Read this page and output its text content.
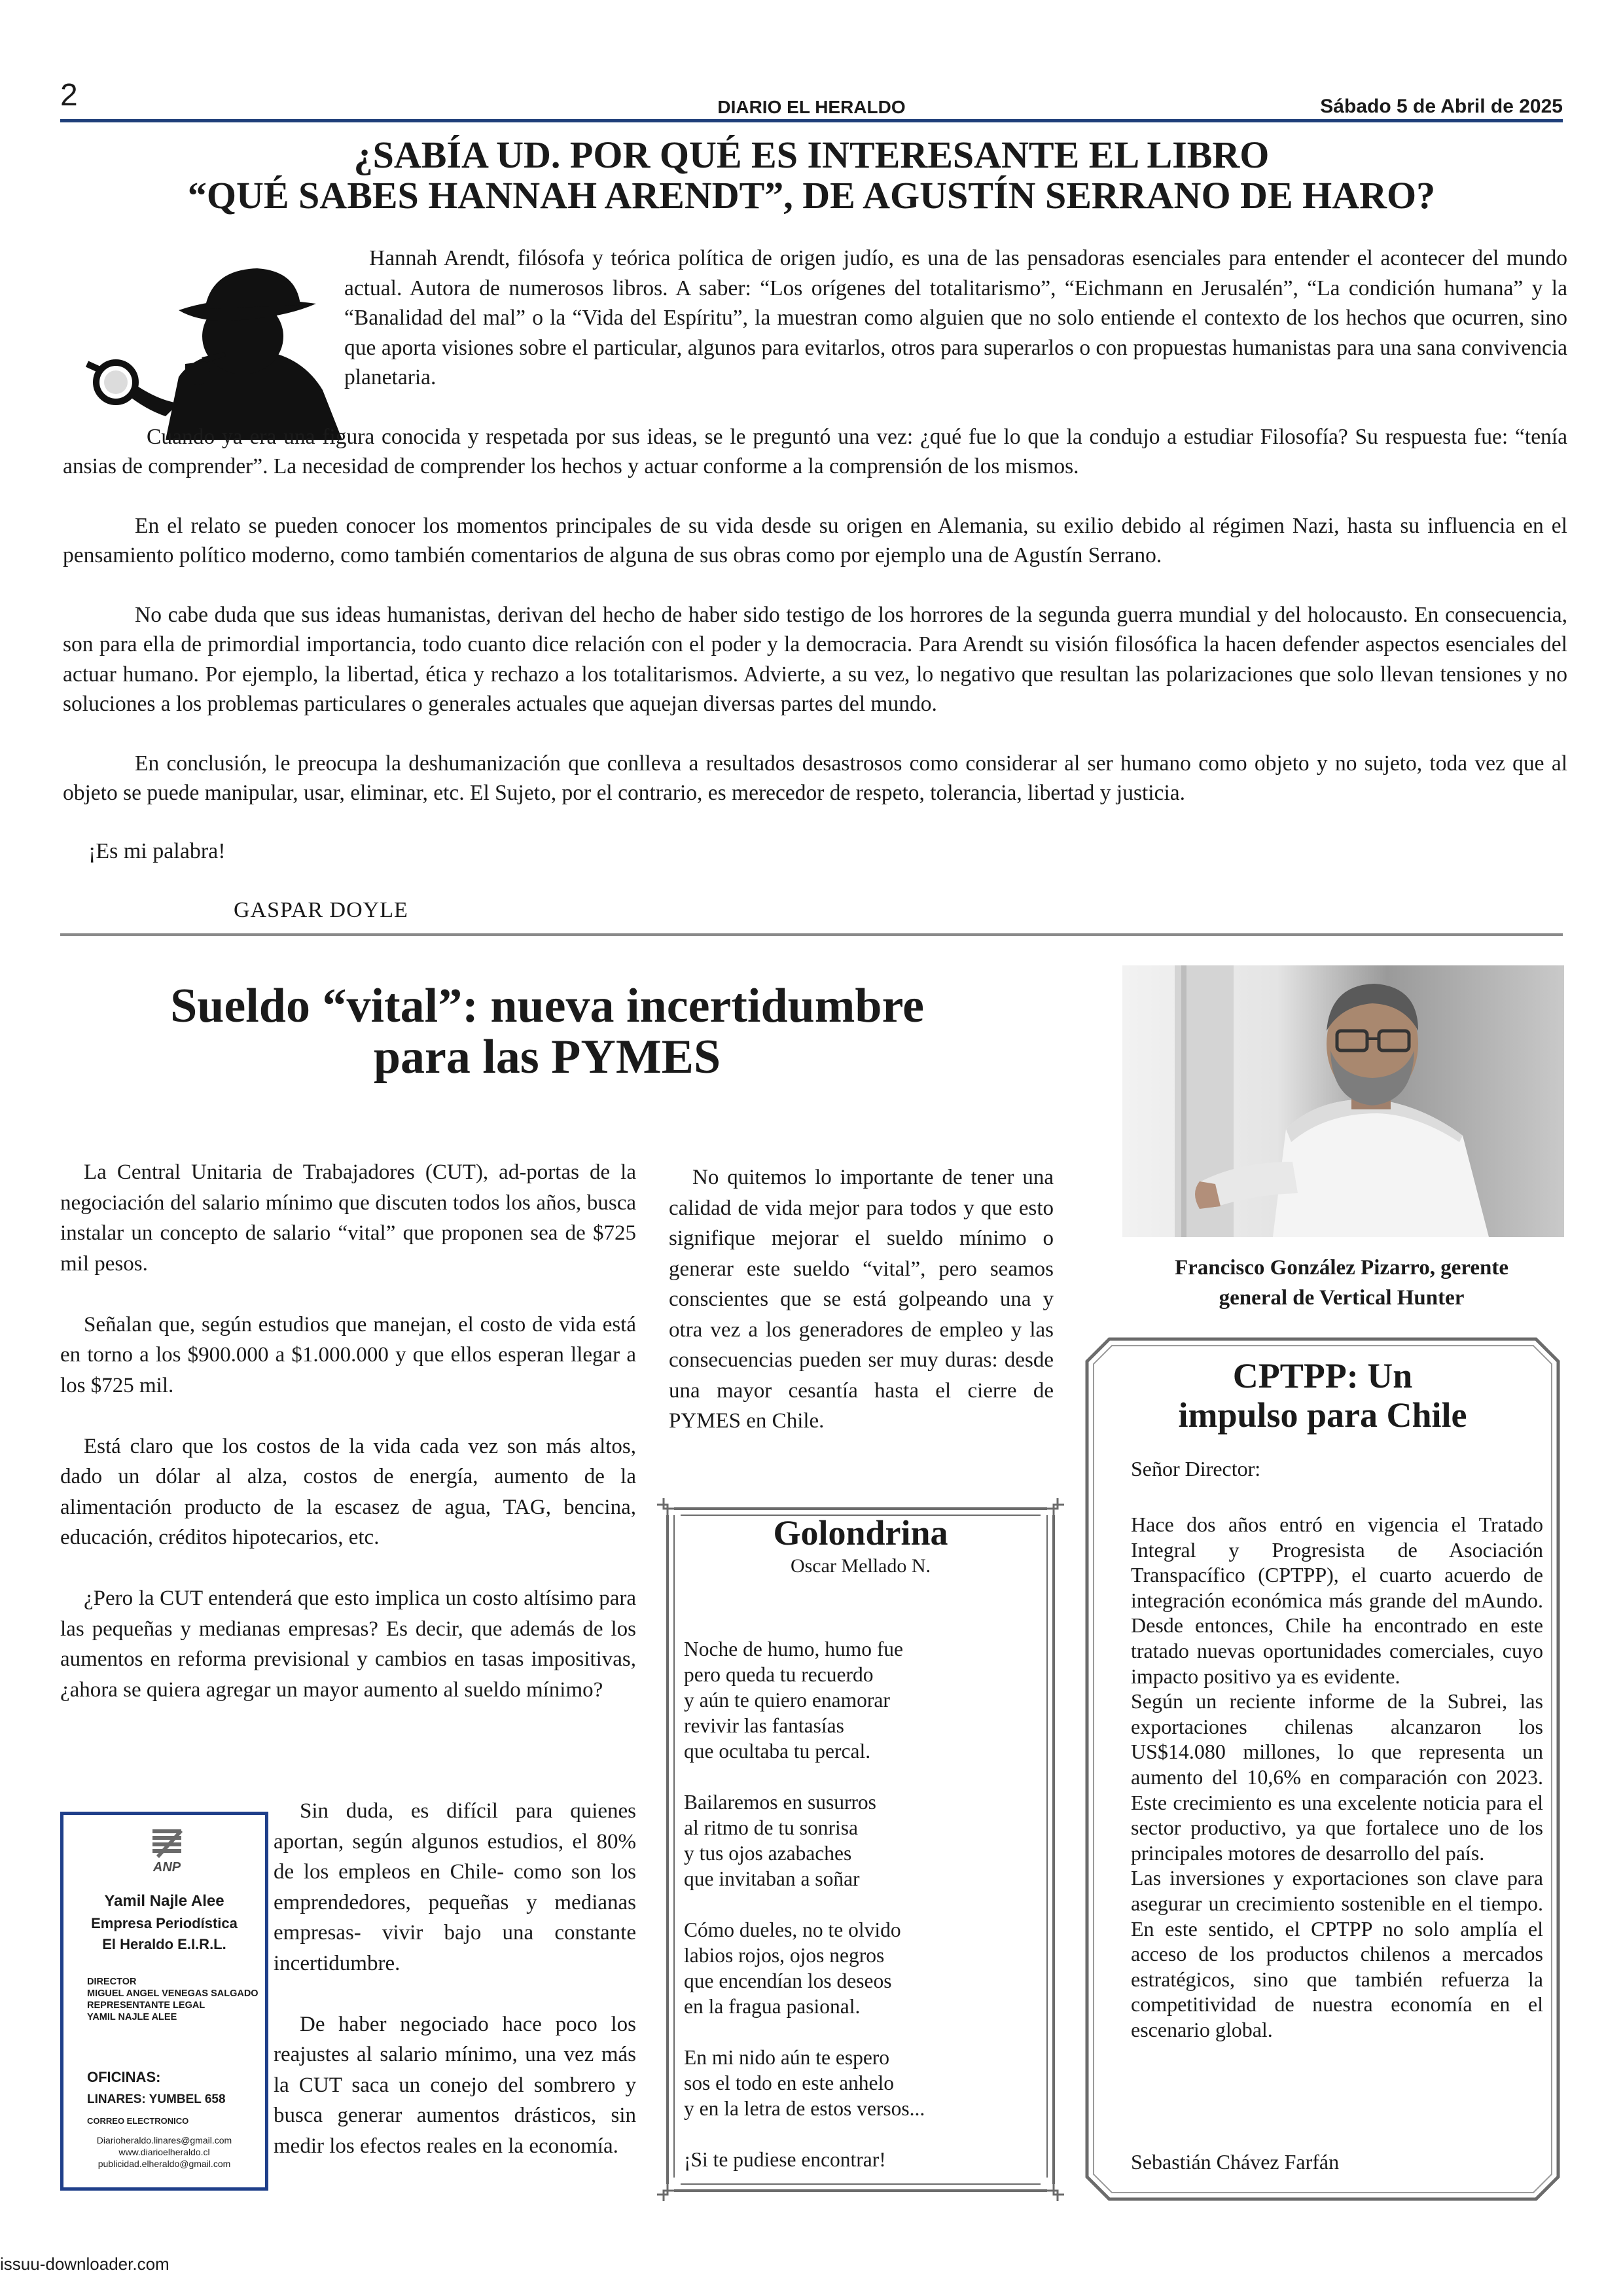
2	DIARIO EL HERALDO	Sábado 5 de Abril de 2025
¿SABÍA UD. POR QUÉ ES INTERESANTE EL LIBRO
“QUÉ SABES HANNAH ARENDT”, DE AGUSTÍN SERRANO DE HARO?

Hannah Arendt, filósofa y teórica política de origen judío, es una de las pensadoras esenciales para entender el acontecer del mundo actual. Autora de numerosos libros. A saber: “Los orígenes del totalitarismo”, “Eichmann en Jerusalén”, “La condición humana” y la “Banalidad del mal” o la “Vida del Espíritu”, la muestran como alguien que no solo entiende el contexto de los hechos que ocurren, sino que aporta visiones sobre el particular, algunos para evitarlos, otros para superarlos o con propuestas humanistas para una sana convivencia planetaria.

Cuando ya era una figura conocida y respetada por sus ideas, se le preguntó una vez: ¿qué fue lo que la condujo a estudiar Filosofía? Su respuesta fue: “tenía ansias de comprender”. La necesidad de comprender los hechos y actuar conforme a la comprensión de los mismos.

En el relato se pueden conocer los momentos principales de su vida desde su origen en Alemania, su exilio debido al régimen Nazi, hasta su influencia en el pensamiento político moderno, como también comentarios de alguna de sus obras como por ejemplo una de Agustín Serrano.

No cabe duda que sus ideas humanistas, derivan del hecho de haber sido testigo de los horrores de la segunda guerra mundial y del holocausto. En consecuencia, son para ella de primordial importancia, todo cuanto dice relación con el poder y la democracia. Para Arendt su visión filosófica la hacen defender aspectos esenciales del actuar humano. Por ejemplo, la libertad, ética y rechazo a los totalitarismos. Advierte, a su vez, lo negativo que resultan las polarizaciones que solo llevan tensiones y no soluciones a los problemas particulares o generales actuales que aquejan diversas partes del mundo.

En conclusión, le preocupa la deshumanización que conlleva a resultados desastrosos como considerar al ser humano como objeto y no sujeto, toda vez que al objeto se puede manipular, usar, eliminar, etc. El Sujeto, por el contrario, es merecedor de respeto, tolerancia, libertad y justicia.

¡Es mi palabra!
GASPAR DOYLE
Sueldo “vital”: nueva incertidumbre
para las PYMES

La Central Unitaria de Trabajadores (CUT), ad-portas de la negociación del salario mínimo que discuten todos los años, busca instalar un concepto de salario “vital” que proponen sea de $725 mil pesos.

Señalan que, según estudios que manejan, el costo de vida está en torno a los $900.000 a $1.000.000 y que ellos esperan llegar a los $725 mil.

Está claro que los costos de la vida cada vez son más altos, dado un dólar al alza, costos de energía, aumento de la alimentación producto de la escasez de agua, TAG, bencina, educación, créditos hipotecarios, etc.

¿Pero la CUT entenderá que esto implica un costo altísimo para las pequeñas y medianas empresas? Es decir, que además de los aumentos en reforma previsional y cambios en tasas impositivas, ¿ahora se quiera agregar un mayor aumento al sueldo mínimo?

Sin duda, es difícil para quienes aportan, según algunos estudios, el 80% de los empleos en Chile- como son los emprendedores, pequeñas y medianas empresas- vivir bajo una constante incertidumbre.

De haber negociado hace poco los reajustes al salario mínimo, una vez más la CUT saca un conejo del sombrero y busca generar aumentos drásticos, sin medir los efectos reales en la economía.

No quitemos lo importante de tener una calidad de vida mejor para todos y que esto signifique mejorar el sueldo mínimo o generar este sueldo “vital”, pero seamos conscientes que se está golpeando una y otra vez a los generadores de empleo y las consecuencias pueden ser muy duras: desde una mayor cesantía hasta el cierre de PYMES en Chile.

ANP
Yamil Najle Alee
Empresa Periodística
El Heraldo E.I.R.L.
DIRECTOR
MIGUEL ANGEL VENEGAS SALGADO
REPRESENTANTE LEGAL
YAMIL NAJLE ALEE
OFICINAS:
LINARES: YUMBEL 658
CORREO ELECTRONICO
Diarioheraldo.linares@gmail.com
www.diarioelheraldo.cl
publicidad.elheraldo@gmail.com
Francisco González Pizarro, gerente
general de Vertical Hunter
Golondrina
Oscar Mellado N.
Noche de humo, humo fue
pero queda tu recuerdo
y aún te quiero enamorar
revivir las fantasías
que ocultaba tu percal.
Bailaremos en susurros
al ritmo de tu sonrisa
y tus ojos azabaches
que invitaban a soñar
Cómo dueles, no te olvido
labios rojos, ojos negros
que encendían los deseos
en la fragua pasional.
En mi nido aún te espero
sos el todo en este anhelo
y en la letra de estos versos...
¡Si te pudiese encontrar!
CPTPP: Un
impulso para Chile
Señor Director:

Hace dos años entró en vigencia el Tratado Integral y Progresista de Asociación Transpacífico (CPTPP), el cuarto acuerdo de integración económica más grande del mAundo. Desde entonces, Chile ha encontrado en este tratado nuevas oportunidades comerciales, cuyo impacto positivo ya es evidente.

Según un reciente informe de la Subrei, las exportaciones chilenas alcanzaron los US$14.080 millones, lo que representa un aumento del 10,6% en comparación con 2023. Este crecimiento es una excelente noticia para el sector productivo, ya que fortalece uno de los principales motores de desarrollo del país.

Las inversiones y exportaciones son clave para asegurar un crecimiento sostenible en el tiempo. En este sentido, el CPTPP no solo amplía el acceso de los productos chilenos a mercados estratégicos, sino que también refuerza la competitividad de nuestra economía en el escenario global.

Sebastián Chávez Farfán
issuu-downloader.com
